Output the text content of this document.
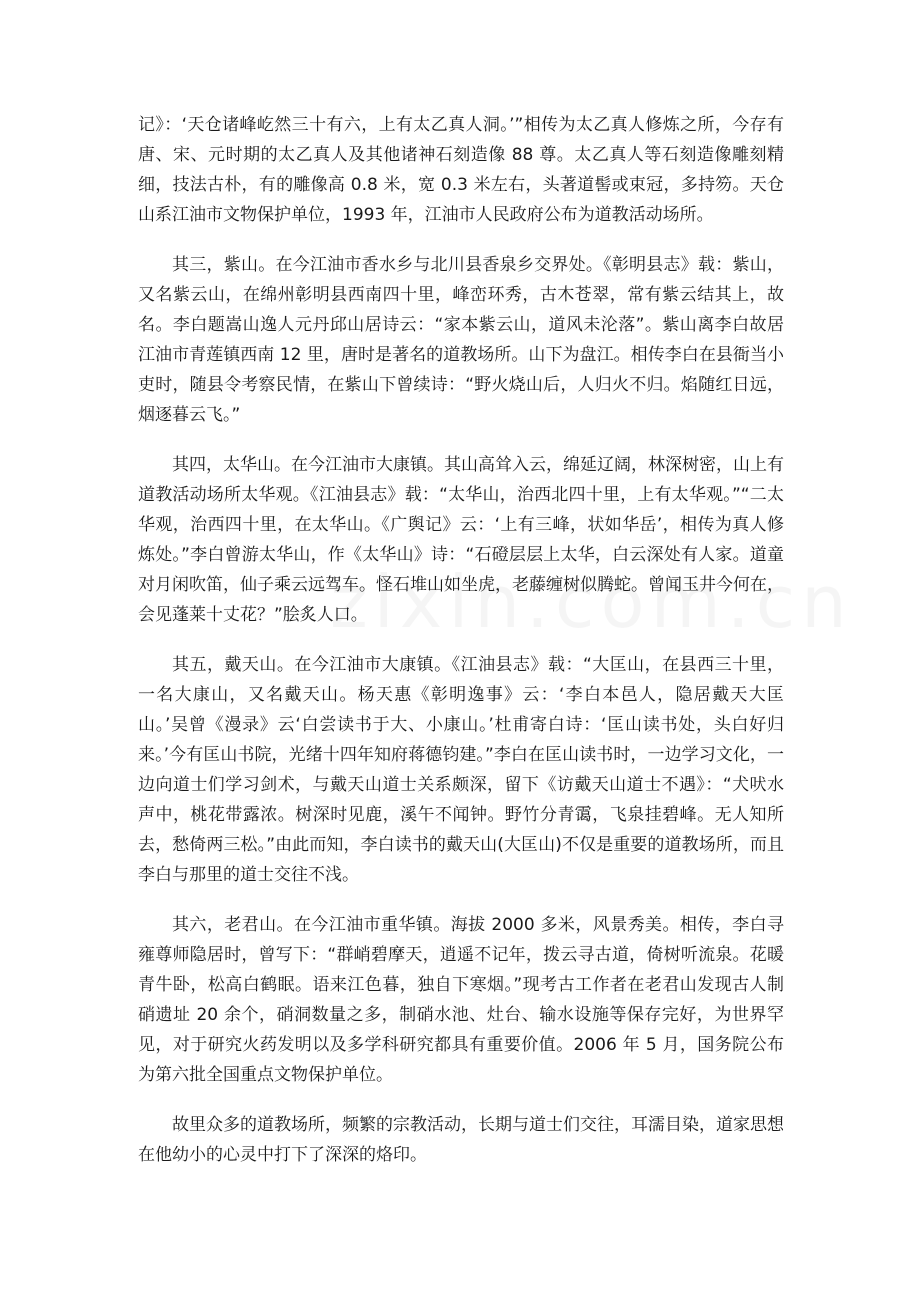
记》：‘天仓诸峰屹然三十有六，上有太乙真人洞。’”相传为太乙真人修炼之所，今存有唐、宋、元时期的太乙真人及其他诸神石刻造像 88 尊。太乙真人等石刻造像雕刻精细，技法古朴，有的雕像高 0.8 米，宽 0.3 米左右，头著道髻或束冠，多持笏。天仓山系江油市文物保护单位，1993 年，江油市人民政府公布为道教活动场所。

其三，紫山。在今江油市香水乡与北川县香泉乡交界处。《彰明县志》载：紫山，又名紫云山，在绵州彰明县西南四十里，峰峦环秀，古木苍翠，常有紫云结其上，故名。李白题嵩山逸人元丹邱山居诗云：“家本紫云山，道风未沦落”。紫山离李白故居江油市青莲镇西南 12 里，唐时是著名的道教场所。山下为盘江。相传李白在县衙当小吏时，随县令考察民情，在紫山下曾续诗：“野火烧山后，人归火不归。焰随红日远，烟逐暮云飞。”

其四，太华山。在今江油市大康镇。其山高耸入云，绵延辽阔，林深树密，山上有道教活动场所太华观。《江油县志》载：“太华山，治西北四十里，上有太华观。”“二太华观，治西四十里，在太华山。《广舆记》云：‘上有三峰，状如华岳’，相传为真人修炼处。”李白曾游太华山，作《太华山》诗：“石磴层层上太华，白云深处有人家。道童对月闲吹笛，仙子乘云远驾车。怪石堆山如坐虎，老藤缠树似腾蛇。曾闻玉井今何在，会见蓬莱十丈花？”脍炙人口。

其五，戴天山。在今江油市大康镇。《江油县志》载：“大匡山，在县西三十里，一名大康山，又名戴天山。杨天惠《彰明逸事》云：‘李白本邑人，隐居戴天大匡山。’吴曾《漫录》云‘白尝读书于大、小康山。’杜甫寄白诗：‘匡山读书处，头白好归来。’今有匡山书院，光绪十四年知府蒋德钧建。”李白在匡山读书时，一边学习文化，一边向道士们学习剑术，与戴天山道士关系颇深，留下《访戴天山道士不遇》：“犬吠水声中，桃花带露浓。树深时见鹿，溪午不闻钟。野竹分青霭，飞泉挂碧峰。无人知所去，愁倚两三松。”由此而知，李白读书的戴天山(大匡山)不仅是重要的道教场所，而且李白与那里的道士交往不浅。

其六，老君山。在今江油市重华镇。海拔 2000 多米，风景秀美。相传，李白寻雍尊师隐居时，曾写下：“群峭碧摩天，逍遥不记年，拨云寻古道，倚树听流泉。花暖青牛卧，松高白鹤眠。语来江色暮，独自下寒烟。”现考古工作者在老君山发现古人制硝遗址 20 余个，硝洞数量之多，制硝水池、灶台、输水设施等保存完好，为世界罕见，对于研究火药发明以及多学科研究都具有重要价值。2006 年 5 月，国务院公布为第六批全国重点文物保护单位。

故里众多的道教场所，频繁的宗教活动，长期与道士们交往，耳濡目染，道家思想在他幼小的心灵中打下了深深的烙印。
